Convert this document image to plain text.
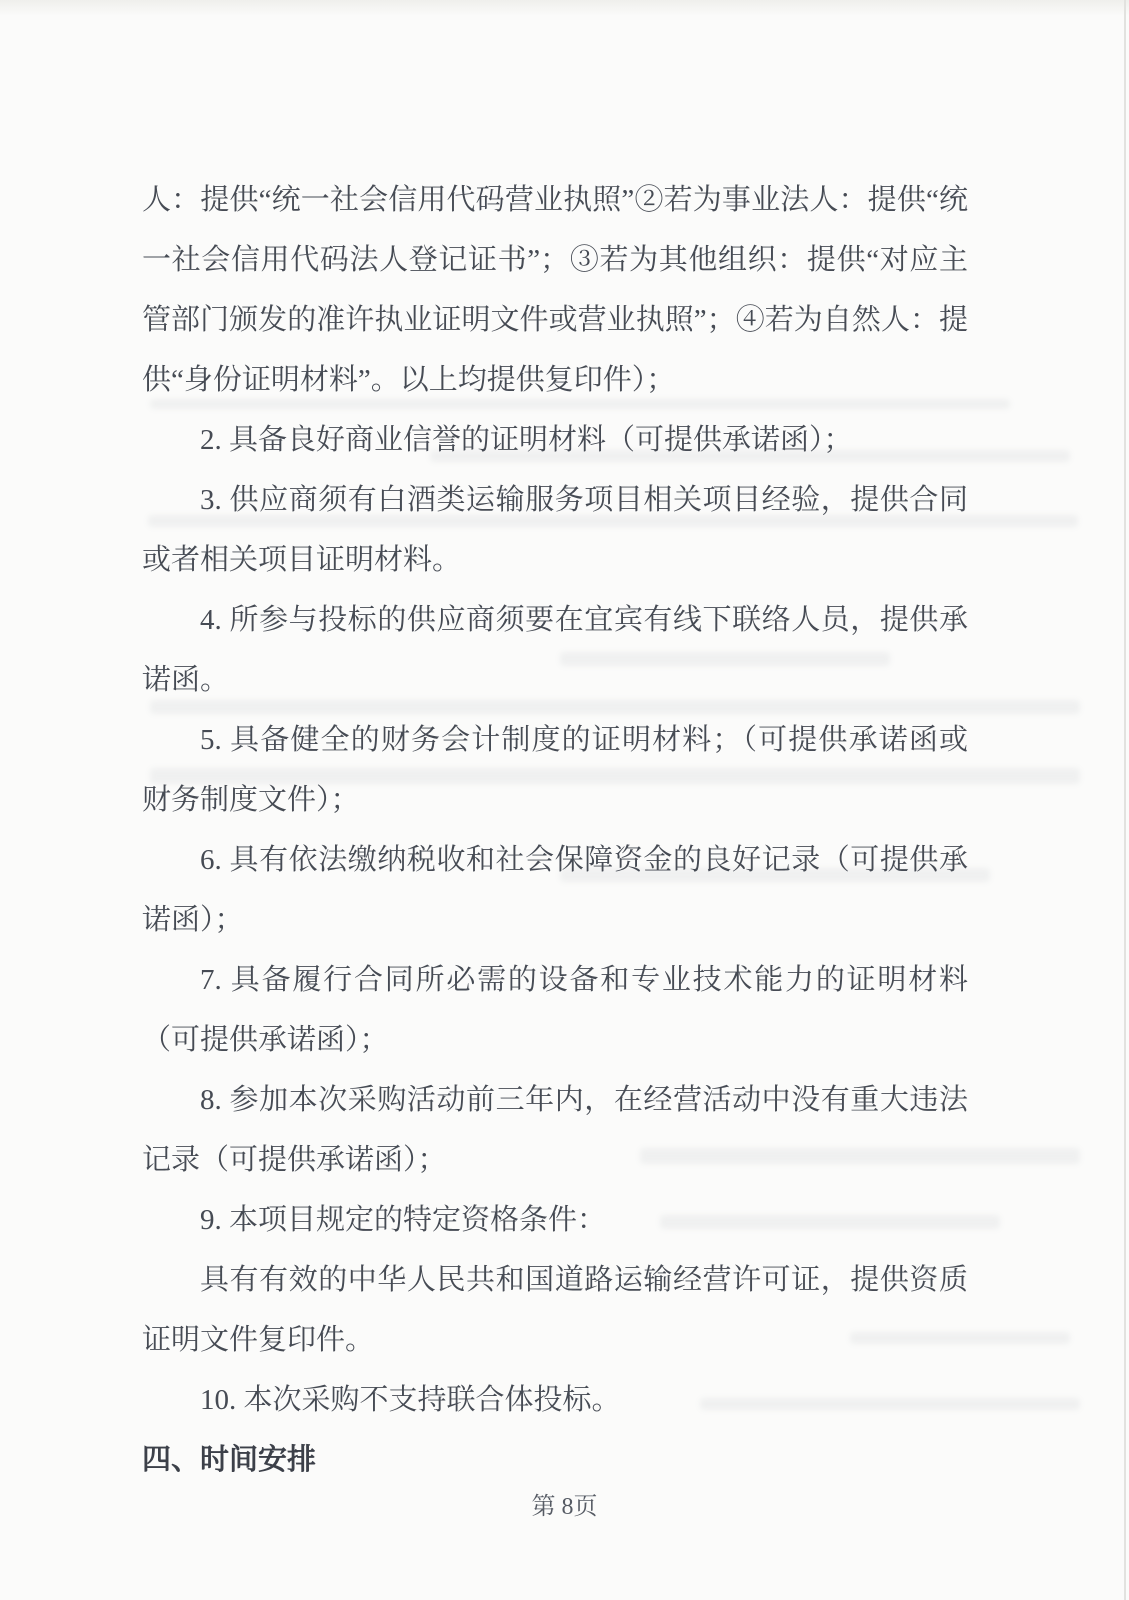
人：提供“统一社会信用代码营业执照”②若为事业法人：提供“统一社会信用代码法人登记证书”；③若为其他组织：提供“对应主管部门颁发的准许执业证明文件或营业执照”；④若为自然人：提供“身份证明材料”。以上均提供复印件）；

2. 具备良好商业信誉的证明材料（可提供承诺函）；

3. 供应商须有白酒类运输服务项目相关项目经验，提供合同或者相关项目证明材料。

4. 所参与投标的供应商须要在宜宾有线下联络人员，提供承诺函。

5. 具备健全的财务会计制度的证明材料；（可提供承诺函或财务制度文件）；

6. 具有依法缴纳税收和社会保障资金的良好记录（可提供承诺函）；

7. 具备履行合同所必需的设备和专业技术能力的证明材料（可提供承诺函）；

8. 参加本次采购活动前三年内，在经营活动中没有重大违法记录（可提供承诺函）；

9. 本项目规定的特定资格条件：

具有有效的中华人民共和国道路运输经营许可证，提供资质证明文件复印件。

10. 本次采购不支持联合体投标。

四、时间安排

第 8页
